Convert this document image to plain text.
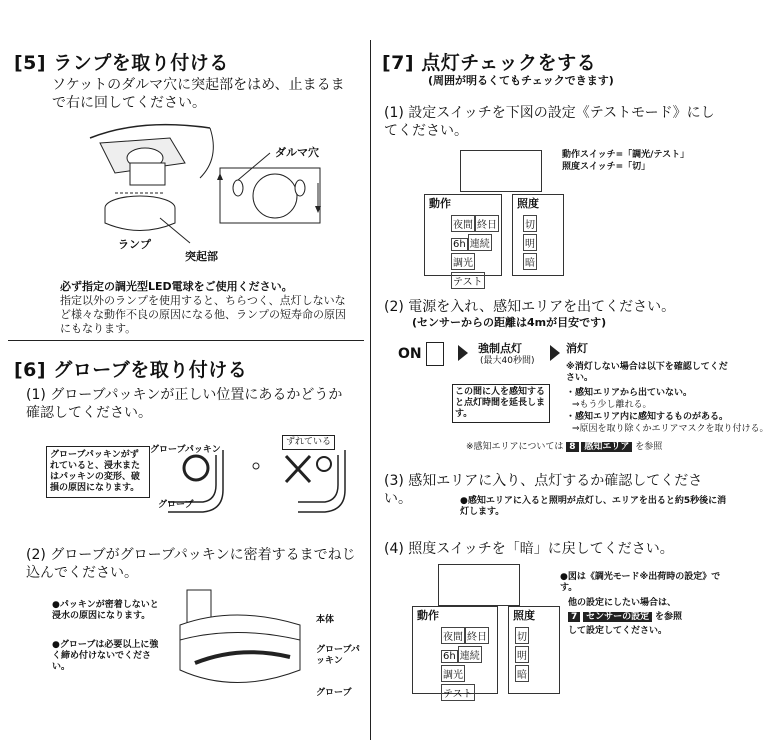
[5] ランプを取り付ける
ソケットのダルマ穴に突起部をはめ、止まるまで右に回してください。
ダルマ穴
ランプ
突起部
必ず指定の調光型LED電球をご使用ください。
指定以外のランプを使用すると、ちらつく、点灯しないなど様々な動作不良の原因になる他、ランプの短寿命の原因にもなります。
[6] グローブを取り付ける
(1) グローブパッキンが正しい位置にあるかどうか確認してください。
グローブパッキンがずれていると、浸水またはパッキンの変形、破損の原因になります。
グローブパッキン
グローブ
ずれている
(2) グローブがグローブパッキンに密着するまでねじ込んでください。
●パッキンが密着しないと浸水の原因になります。
●グローブは必要以上に強く締め付けないでください。
本体
グローブパッキン
グローブ
[7] 点灯チェックをする
(周囲が明るくてもチェックできます)
(1) 設定スイッチを下図の設定《テストモード》にしてください。
動作スイッチ=「調光/テスト」
照度スイッチ=「切」
動作
夜間 終日
6h 連続
調光テスト
照度
切
明
暗
(2) 電源を入れ、感知エリアを出てください。
(センサーからの距離は4mが目安です)
ON	強制点灯
(最大40秒間)
消灯
この間に人を感知すると点灯時間を延長します。
※消灯しない場合は以下を確認してください。
・感知エリアから出ていない。
⇒もう少し離れる。
・感知エリア内に感知するものがある。
⇒原因を取り除くかエリアマスクを取り付ける。
※感知エリアについては 8 感知エリア を参照
(3) 感知エリアに入り、点灯するか確認してください。	●感知エリアに入ると照明が点灯し、エリアを出ると約5秒後に消灯します。
(4) 照度スイッチを「暗」に戻してください。
動作
夜間 終日
6h 連続
調光テスト
照度
切
明
暗
●図は《調光モード※出荷時の設定》です。
他の設定にしたい場合は、
7 センサーの設定 を参照
して設定してください。
